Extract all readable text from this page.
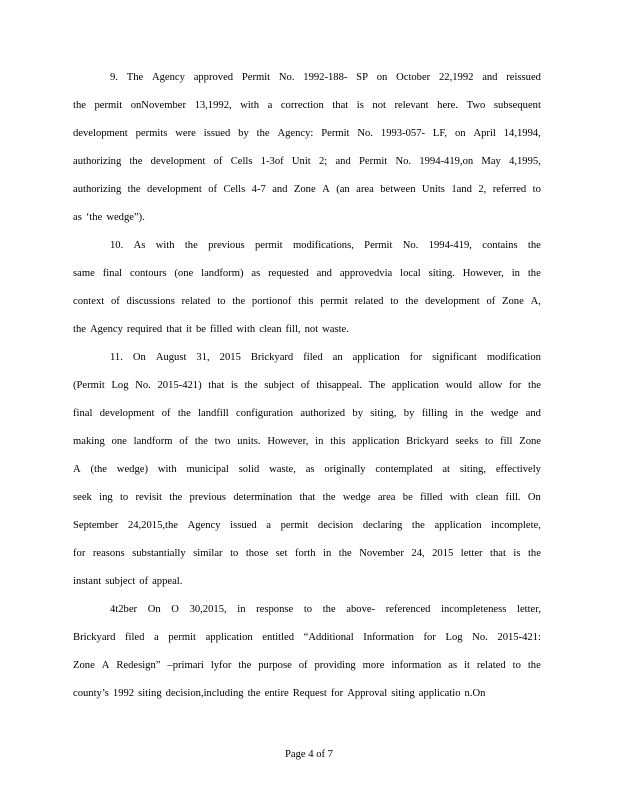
9. The Agency approved Permit No. 1992-188- SP on October 22,1992 and reissued
the permit onNovember 13,1992, with a correction that is not relevant here. Two subsequent
development permits were issued by the Agency: Permit No. 1993-057- LF, on April 14,1994,
authorizing the development of Cells 1-3of Unit 2; and Permit No. 1994-419,on May 4,1995,
authorizing the development of Cells 4-7 and Zone A (an area between Units 1and 2, referred to
as ‘the wedge”).
10. As with the previous permit modifications, Permit No. 1994-419, contains the
same final contours (one landform) as requested and approvedvia local siting. However, in the
context of discussions related to the portionof this permit related to the development of Zone A,
the Agency required that it be filled with clean fill, not waste.
11. On August 31, 2015 Brickyard filed an application for significant modification
(Permit Log No. 2015-421) that is the subject of thisappeal. The application would allow for the
final development of the landfill configuration authorized by siting, by filling in the wedge and
making one landform of the two units. However, in this application Brickyard seeks to fill Zone
A (the wedge) with municipal solid waste, as originally contemplated at siting, effectively
seek ing to revisit the previous determination that the wedge area be filled with clean fill. On
September 24,2015,the Agency issued a permit decision declaring the application incomplete,
for reasons substantially similar to those set forth in the November 24, 2015 letter that is the
instant subject of appeal.
4t2ber On O 30,2015, in response to the above- referenced incompleteness letter,
Brickyard filed a permit application entitled “Additional Information for Log No. 2015-421:
Zone A Redesign” –primari lyfor the purpose of providing more information as it related to the
county’s 1992 siting decision,including the entire Request for Approval siting applicatio n.On
Page 4 of 7
